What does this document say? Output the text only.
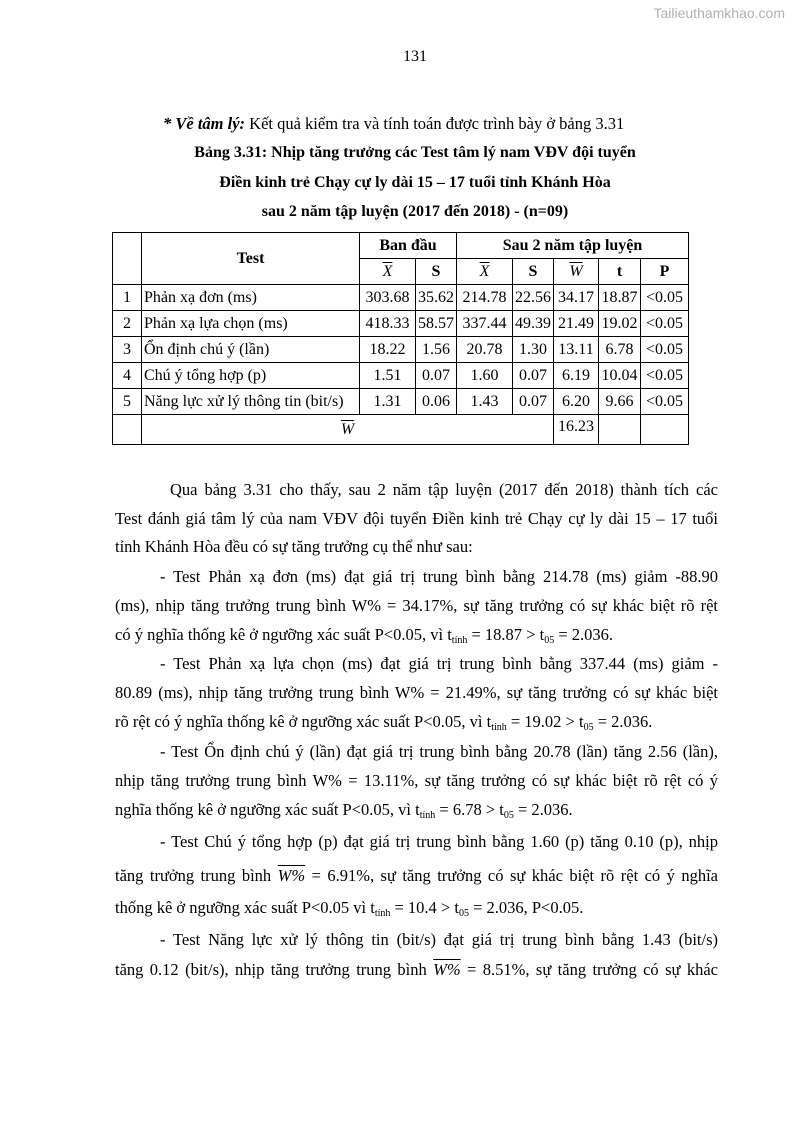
Tailieuthamkhao.com
131
* Về tâm lý: Kết quả kiểm tra và tính toán được trình bày ở bảng 3.31
Bảng 3.31: Nhịp tăng trưởng các Test tâm lý nam VĐV đội tuyển
Điền kinh trẻ Chạy cự ly dài 15 – 17 tuổi tỉnh Khánh Hòa
sau 2 năm tập luyện (2017 đến 2018) - (n=09)
	Test	Ban đầu		Sau 2 năm tập luyện				
		$\overline{X}$	S	$\overline{X}$	S	$\overline{W}$	t	P
1	Phản xạ đơn (ms)	303.68	35.62	214.78	22.56	34.17	18.87	<0.05
2	Phản xạ lựa chọn (ms)	418.33	58.57	337.44	49.39	21.49	19.02	<0.05
3	Ổn định chú ý (lần)	18.22	1.56	20.78	1.30	13.11	6.78	<0.05
4	Chú ý tổng hợp (p)	1.51	0.07	1.60	0.07	6.19	10.04	<0.05
5	Năng lực xử lý thông tin (bit/s)	1.31	0.06	1.43	0.07	6.20	9.66	<0.05
	$\overline{W}$					16.23		
Qua bảng 3.31 cho thấy, sau 2 năm tập luyện (2017 đến 2018) thành tích các
Test đánh giá tâm lý của nam VĐV đội tuyển Điền kinh trẻ Chạy cự ly dài 15 – 17 tuổi
tỉnh Khánh Hòa đều có sự tăng trưởng cụ thể như sau:
- Test Phản xạ đơn (ms) đạt giá trị trung bình bằng 214.78 (ms) giảm -88.90
(ms), nhịp tăng trưởng trung bình W% = 34.17%, sự tăng trưởng có sự khác biệt rõ rệt
có ý nghĩa thống kê ở ngưỡng xác suất P<0.05, vì $t_{tính} = 18.87 > t_{05} = 2.036$.
- Test Phản xạ lựa chọn (ms) đạt giá trị trung bình bằng 337.44 (ms) giảm -
80.89 (ms), nhịp tăng trưởng trung bình W% = 21.49%, sự tăng trưởng có sự khác biệt
rõ rệt có ý nghĩa thống kê ở ngưỡng xác suất P<0.05, vì $t_{tính} = 19.02 > t_{05} = 2.036$.
- Test Ổn định chú ý (lần) đạt giá trị trung bình bằng 20.78 (lần) tăng 2.56 (lần),
nhịp tăng trưởng trung bình W% = 13.11%, sự tăng trưởng có sự khác biệt rõ rệt có ý
nghĩa thống kê ở ngưỡng xác suất P<0.05, vì $t_{tính} = 6.78 > t_{05} = 2.036$.
- Test Chú ý tổng hợp (p) đạt giá trị trung bình bằng 1.60 (p) tăng 0.10 (p), nhịp
tăng trưởng trung bình W% = 6.91%, sự tăng trưởng có sự khác biệt rõ rệt có ý nghĩa
thống kê ở ngưỡng xác suất P<0.05 vì $t_{tính} = 10.4 > t_{05} = 2.036$, P<0.05.
- Test Năng lực xử lý thông tin (bit/s) đạt giá trị trung bình bằng 1.43 (bit/s)
tăng 0.12 (bit/s), nhịp tăng trưởng trung bình W% = 8.51%, sự tăng trưởng có sự khác
